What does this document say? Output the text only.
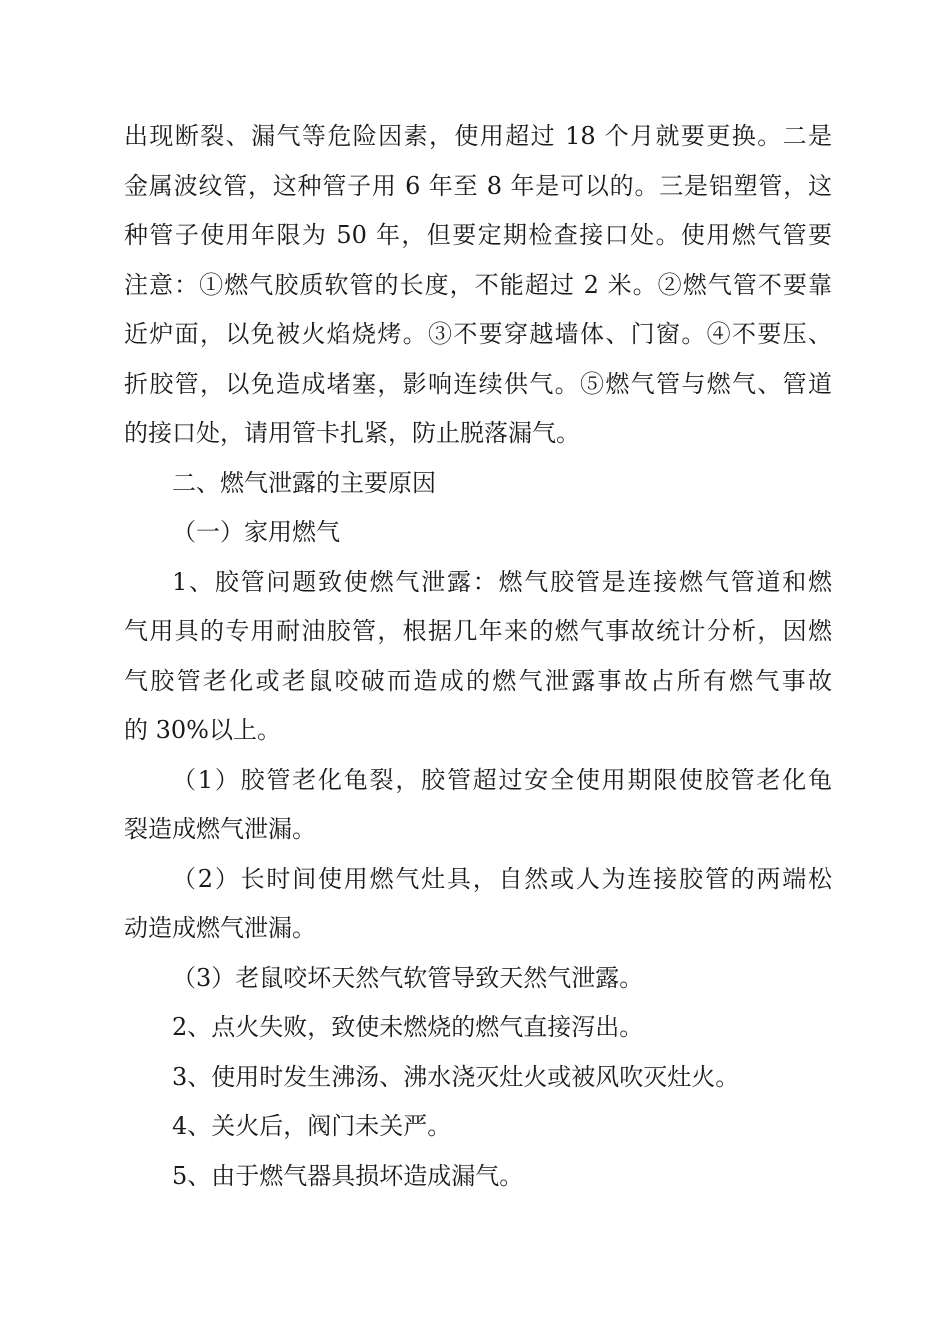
出现断裂、漏气等危险因素，使用超过 18 个月就要更换。二是
金属波纹管，这种管子用 6 年至 8 年是可以的。三是铝塑管，这
种管子使用年限为 50 年，但要定期检查接口处。使用燃气管要
注意：①燃气胶质软管的长度，不能超过 2 米。②燃气管不要靠
近炉面，以免被火焰烧烤。③不要穿越墙体、门窗。④不要压、
折胶管，以免造成堵塞，影响连续供气。⑤燃气管与燃气、管道
的接口处，请用管卡扎紧，防止脱落漏气。
二、燃气泄露的主要原因
（一）家用燃气
1、胶管问题致使燃气泄露：燃气胶管是连接燃气管道和燃
气用具的专用耐油胶管，根据几年来的燃气事故统计分析，因燃
气胶管老化或老鼠咬破而造成的燃气泄露事故占所有燃气事故
的 30%以上。
（1）胶管老化龟裂，胶管超过安全使用期限使胶管老化龟
裂造成燃气泄漏。
（2）长时间使用燃气灶具，自然或人为连接胶管的两端松
动造成燃气泄漏。
（3）老鼠咬坏天然气软管导致天然气泄露。
2、点火失败，致使未燃烧的燃气直接泻出。
3、使用时发生沸汤、沸水浇灭灶火或被风吹灭灶火。
4、关火后，阀门未关严。
5、由于燃气器具损坏造成漏气。
